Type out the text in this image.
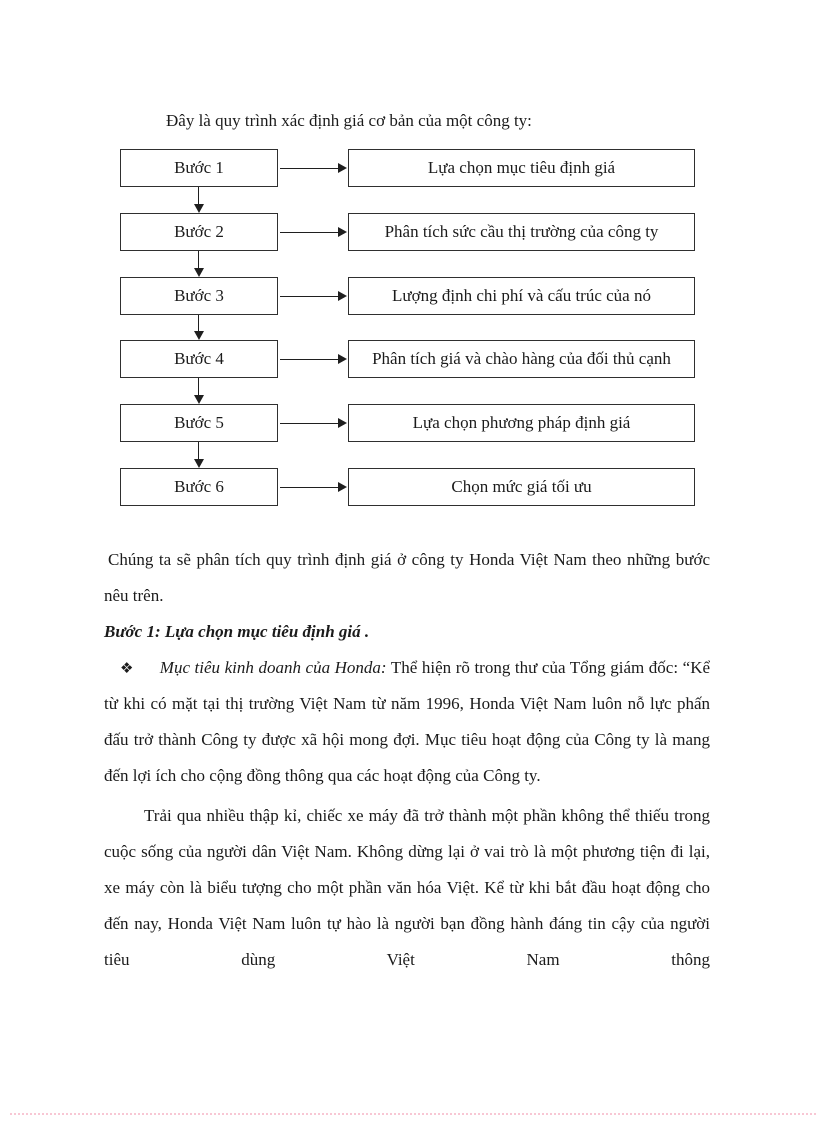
Đây là quy trình xác định giá cơ bản của một công ty:

Bước 1	Lựa chọn mục tiêu định giá
Bước 2	Phân tích sức cầu thị trường của công ty
Bước 3	Lượng định chi phí và cấu trúc của nó
Bước 4	Phân tích giá và chào hàng của đối thủ cạnh
Bước 5	Lựa chọn phương pháp định giá
Bước 6	Chọn mức giá tối ưu

Chúng ta sẽ phân tích quy trình định giá ở công ty Honda Việt Nam theo những bước nêu trên.

Bước 1: Lựa chọn mục tiêu định giá .

❖ Mục tiêu kinh doanh của Honda: Thể hiện rõ trong thư của Tổng giám đốc: “Kể từ khi có mặt tại thị trường Việt Nam từ năm 1996, Honda Việt Nam luôn nỗ lực phấn đấu trở thành Công ty được xã hội mong đợi. Mục tiêu hoạt động của Công ty là mang đến lợi ích cho cộng đồng thông qua các hoạt động của Công ty.

Trải qua nhiều thập kỉ, chiếc xe máy đã trở thành một phần không thể thiếu trong cuộc sống của người dân Việt Nam. Không dừng lại ở vai trò là một phương tiện đi lại, xe máy còn là biểu tượng cho một phần văn hóa Việt. Kể từ khi bắt đầu hoạt động cho đến nay, Honda Việt Nam luôn tự hào là người bạn đồng hành đáng tin cậy của người tiêu dùng Việt Nam thông
